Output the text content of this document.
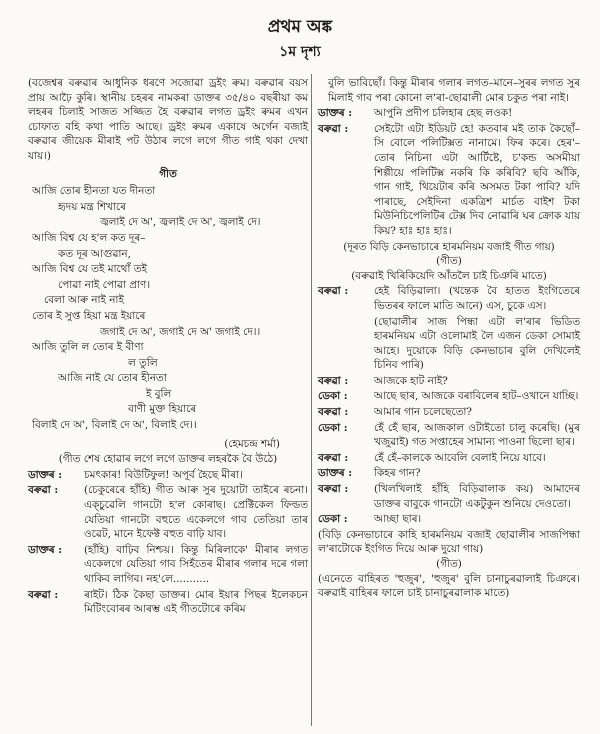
প্ৰথম অঙ্ক
১ম দৃশ্য

(বজেশ্বৰ বৰুৱাৰ আধুনিক ধৰণে সজোৱা ড্ৰইং ৰুম। বৰুৱাৰ বয়স প্ৰায় আঢ়ৈ কুৰি। স্থানীয় চহৰৰ নামকৰা ডাক্তৰ ৩৫/৪০ বছৰীয়া কম লহৰৰ চিলাই সাজত সজ্জিত হৈ বৰুৱাৰ লগত ড্ৰইং ৰুমৰ এখন চোফাত বহি কথা পাতি আছে। ড্ৰইং ৰুমৰ একাষে অৰ্গেন বজাই বৰুৱাৰ জীয়েক মীৰাই পট উঠাৰ লগে লগে গীত গাই থকা দেখা যায়।)

গীত

আজি তোৰ হীনতা যত দীনতা

হৃদয় মন্ত্ৰ শিখাৰে

জ্বলাই দে অ', জ্বলাই দে অ', জ্বলাই দে।

আজি বিশ্ব যে হ'ল কত দূৰ–

কত দূৰ আগুৱান,

আজি বিশ্ব যে তই মাথোঁ তই

পোৱা নাই পোৱা প্ৰাণ।

বেলা আৰু নাই নাই

তোৰ ই সুপ্ত হিয়া মন্ত্ৰ ইয়াৰে

জগাই দে অ', জগাই দে অ' জগাই দে।।

আজি তুলি ল তোৰ ই বীণা

ল তুলি

আজি নাই যে তোৰ হীনতা

ই বুলি

বাণী মুক্ত হিয়াৰে

বিলাই দে অ', বিলাই দে অ', বিলাই দে।।

(হেমচন্দ্ৰ শৰ্মা)

(গীত শেষ হোৱাৰ লগে লগে ডাক্তৰ লহৰকৈ বৈ উঠে)

ডাক্তৰ :	চমৎকাৰ! বিউটিফুল! অপূৰ্ব হৈছে মীৰা।
বৰুৱা :	(চেকুৰেৰে হাঁহি) গীত আৰু সুৰ দুয়োটা তাইৰে ৰচনা। এক্চুৱেলি গানটো হ'ল কোৰাছ। প্ৰেক্টিকেল ফিল্ডত যেতিয়া গানটো বহুতে একেলগে গাব তেতিয়া তাৰ ওৱেট, মানে ইফেক্ট বহুত বাঢ়ি যাব।
ডাক্তৰ :	(হাঁহি) বাঢ়িব নিশ্চয়। কিন্তু মিৰিলাকে' মীৰাৰ লগত একেলগে যেতিয়া গাব সিহঁতেৰ মীৰাৰ গলাৰ দৰে গলা থাকিব লাগিব। নহ'লে...........
বৰুৱা :	ৰাইট। ঠিক কৈছা ডাক্তৰ। মোৰ ইয়াৰ পিছৰ ইলেকচন মিটিংবোৰৰ আৰম্ভ এই গীতটোৰে কৰিম

বুলি ভাবিছোঁ। কিন্তু মীৰাৰ গলাৰ লগত–মানে–সুৰৰ লগত সুৰ মিলাই গাব পৰা কোনো ল'ৰা-ছোৱালী মোৰ চকুত পৰা নাই।

ডাক্তৰ :	আপুনি প্ৰদীপ চলিহাৰ হেছ লওক!
বৰুৱা :	সেইটো এটা ইডিয়ট হে! কতবাৰ মই তাক কৈছোঁ–সি বোলে পলিটিক্সত নানামে। ফিৰ কৰে। হেৰ'–তোৰ নিচিনা এটা আৰ্টিষ্টে, চ'কন্ড অসমীয়া শিল্পীয়ে পলিটিক্স নকৰি কি কৰিবি? ছবি আঁকি, গান গাই, থিয়েটাৰ কৰি অসমত টকা পাবি? যদি পাৰাছে, সেইদিনা একত্ৰিশ মাৰ্চত বাইশ টকা মিউনিচিপেলিটিৰ টেক্স দিব নোৱাৰি ঘৰ ক্ৰোক যায় কিয়? হাঃ হাঃ হাঃ।

(দূৰত বিড়ি কেনভাচাৰে হাৰমনিয়ম বজাই গীত গায়)

(গীত)

(বৰুৱাই খিৰিকিয়েদি আঁতলৈ চাই চিঞৰি মাতে)

বৰুৱা :	হেই বিড়িৱালা। (খন্তেক বৈ হাতত ইংগিতেৰে ভিতৰৰ ফালে মাতি আনে) এস, চুকে এস।

(ছোৱালীৰ সাজ পিন্ধা এটা ল'ৰাৰ ভিডিত হাৰমনিয়ম এটা ওলোমাই লৈ এজন ডেকা সোমাই আহে। দুয়োকে বিড়ি কেনভাচাৰ বুলি দেখিলেই চিনিব পাৰি)

বৰুৱা :	আজকে হাট নাই?
ডেকা :	আছে ছাৰ, আজকে বৰাবিলেৰ হাট–ওখানে যাচ্ছি।
বৰুৱা :	আমাৰ গান চলেছেতো?
ডেকা :	হেঁ হেঁ ছাৰ, আজকাল ওটাইতো চালু কৰেছি। (মুৰ খজুৱাই) গত সপ্তাহেৰ সামান্য পাওনা ছিলো ছাৰ।
বৰুৱা :	হেঁ হেঁ–কালকে আবেলি বেলাই নিয়ে যাবে।
ডাক্তৰ :	কিহৰ গান?
বৰুৱা :	(খিলখিলাই হাঁহি বিড়িৱালাক কয়) আমাদেৰ ডাক্তৰ বাবুকে গানটো একটুকুন শুনিয়ে দেওতো।
ডেকা :	আচ্ছা ছাৰ।

(বিড়ি কেনভাচাৰে কাহি হাৰমনিয়ম বজাই ছোৱালীৰ সাজপিন্ধা ল'ৰাটোকে ইংগিত দিয়ে আৰু দুয়ো গায়)

(গীত)

(এনেতে বাহিৰত 'হুজুৰ', 'হুজুৰ' বুলি চানাচুৰৱালাই চিঞৰে। বৰুৱাই বাহিৰৰ ফালে চাই চানাচুৰৱালাক মাতে)
